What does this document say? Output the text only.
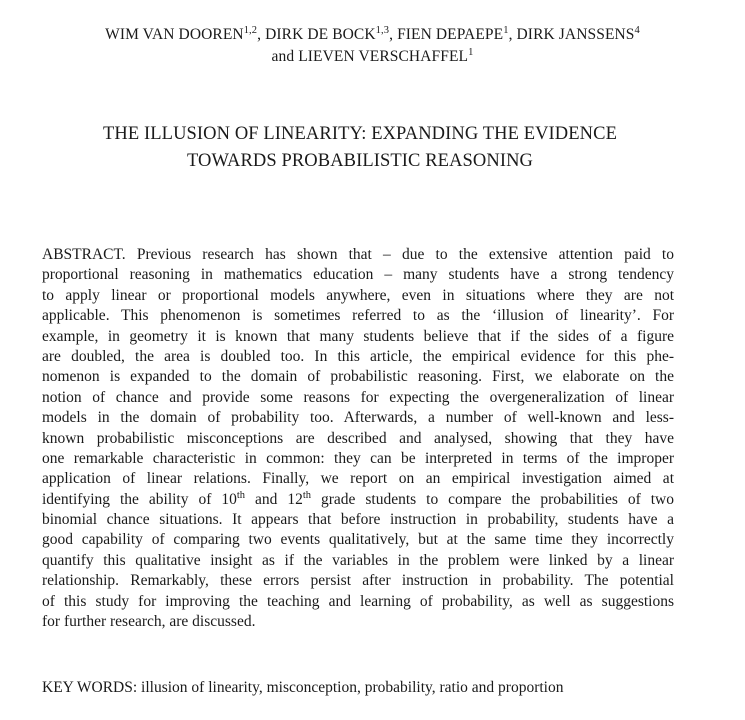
WIM VAN DOOREN$^{1,2}$, DIRK DE BOCK$^{1,3}$, FIEN DEPAEPE$^1$, DIRK JANSSENS$^4$
and LIEVEN VERSCHAFFEL$^1$
THE ILLUSION OF LINEARITY: EXPANDING THE EVIDENCE
TOWARDS PROBABILISTIC REASONING
ABSTRACT. Previous research has shown that – due to the extensive attention paid to
proportional reasoning in mathematics education – many students have a strong tendency
to apply linear or proportional models anywhere, even in situations where they are not
applicable. This phenomenon is sometimes referred to as the ‘illusion of linearity’. For
example, in geometry it is known that many students believe that if the sides of a figure
are doubled, the area is doubled too. In this article, the empirical evidence for this phe-
nomenon is expanded to the domain of probabilistic reasoning. First, we elaborate on the
notion of chance and provide some reasons for expecting the overgeneralization of linear
models in the domain of probability too. Afterwards, a number of well-known and less-
known probabilistic misconceptions are described and analysed, showing that they have
one remarkable characteristic in common: they can be interpreted in terms of the improper
application of linear relations. Finally, we report on an empirical investigation aimed at
identifying the ability of 10th and 12th grade students to compare the probabilities of two
binomial chance situations. It appears that before instruction in probability, students have a
good capability of comparing two events qualitatively, but at the same time they incorrectly
quantify this qualitative insight as if the variables in the problem were linked by a linear
relationship. Remarkably, these errors persist after instruction in probability. The potential
of this study for improving the teaching and learning of probability, as well as suggestions
for further research, are discussed.
KEY WORDS: illusion of linearity, misconception, probability, ratio and proportion
